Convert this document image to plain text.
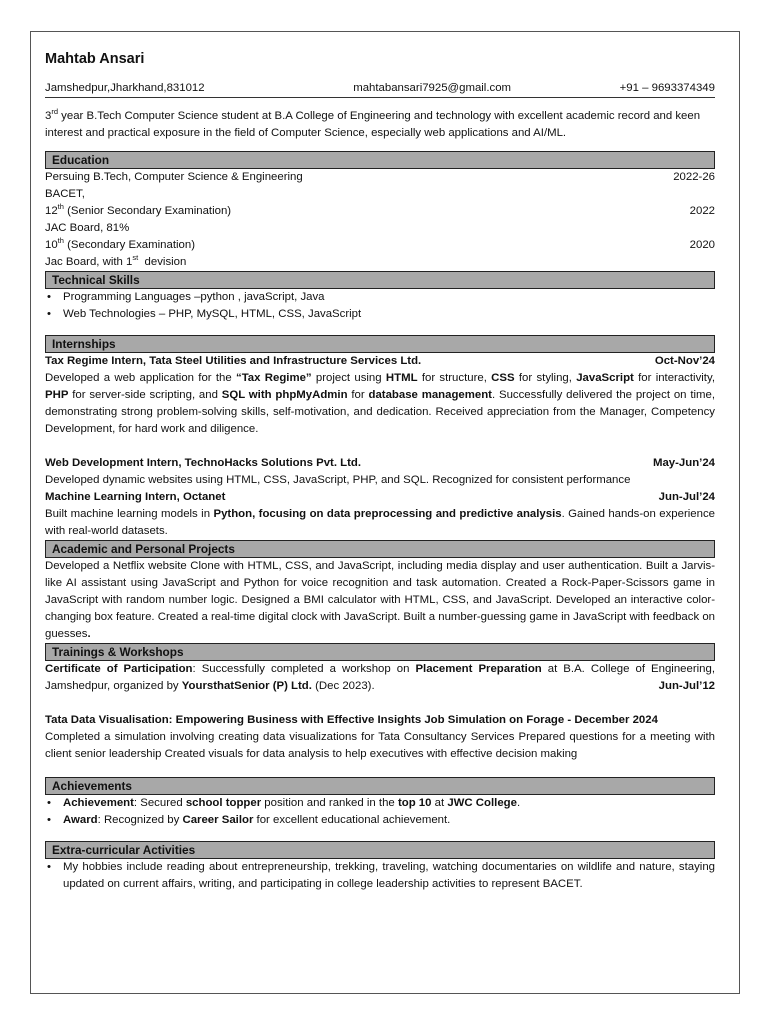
Mahtab Ansari
Jamshedpur,Jharkhand,831012	mahtabansari7925@gmail.com	+91 – 9693374349

3rd year B.Tech Computer Science student at B.A College of Engineering and technology with excellent academic record and keen interest and practical exposure in the field of Computer Science, especially web applications and AI/ML.

Education
Persuing B.Tech, Computer Science & Engineering	2022-26
BACET,
12th (Senior Secondary Examination)	2022
JAC Board, 81%
10th (Secondary Examination)	2020
Jac Board, with 1st  devision
Technical Skills
• Programming Languages –python , javaScript, Java
• Web Technologies – PHP, MySQL, HTML, CSS, JavaScript
Internships
Tax Regime Intern, Tata Steel Utilities and Infrastructure Services Ltd.	Oct-Nov’24

Developed a web application for the “Tax Regime” project using HTML for structure, CSS for styling, JavaScript for interactivity, PHP for server-side scripting, and SQL with phpMyAdmin for database management. Successfully delivered the project on time, demonstrating strong problem-solving skills, self-motivation, and dedication. Received appreciation from the Manager, Competency Development, for hard work and diligence.

Web Development Intern, TechnoHacks Solutions Pvt. Ltd.	May-Jun’24
Developed dynamic websites using HTML, CSS, JavaScript, PHP, and SQL. Recognized for consistent performance
Machine Learning Intern, Octanet	Jun-Jul’24

Built machine learning models in Python, focusing on data preprocessing and predictive analysis. Gained hands-on experience with real-world datasets.

Academic and Personal Projects

Developed a Netflix website Clone with HTML, CSS, and JavaScript, including media display and user authentication. Built a Jarvis-like AI assistant using JavaScript and Python for voice recognition and task automation. Created a Rock-Paper-Scissors game in JavaScript with random number logic. Designed a BMI calculator with HTML, CSS, and JavaScript. Developed an interactive color-changing box feature. Created a real-time digital clock with JavaScript. Built a number-guessing game in JavaScript with feedback on guesses.

Trainings & Workshops

Certificate of Participation: Successfully completed a workshop on Placement Preparation at B.A. College of Engineering, Jamshedpur, organized by YoursthatSenior (P) Ltd. (Dec 2023).	Jun-Jul’12

Tata Data Visualisation: Empowering Business with Effective Insights Job Simulation on Forage - December 2024

Completed a simulation involving creating data visualizations for Tata Consultancy Services Prepared questions for a meeting with client senior leadership Created visuals for data analysis to help executives with effective decision making

Achievements
• Achievement: Secured school topper position and ranked in the top 10 at JWC College.
• Award: Recognized by Career Sailor for excellent educational achievement.
Extra-curricular Activities
• My hobbies include reading about entrepreneurship, trekking, traveling, watching documentaries on wildlife and nature, staying updated on current affairs, writing, and participating in college leadership activities to represent BACET.
